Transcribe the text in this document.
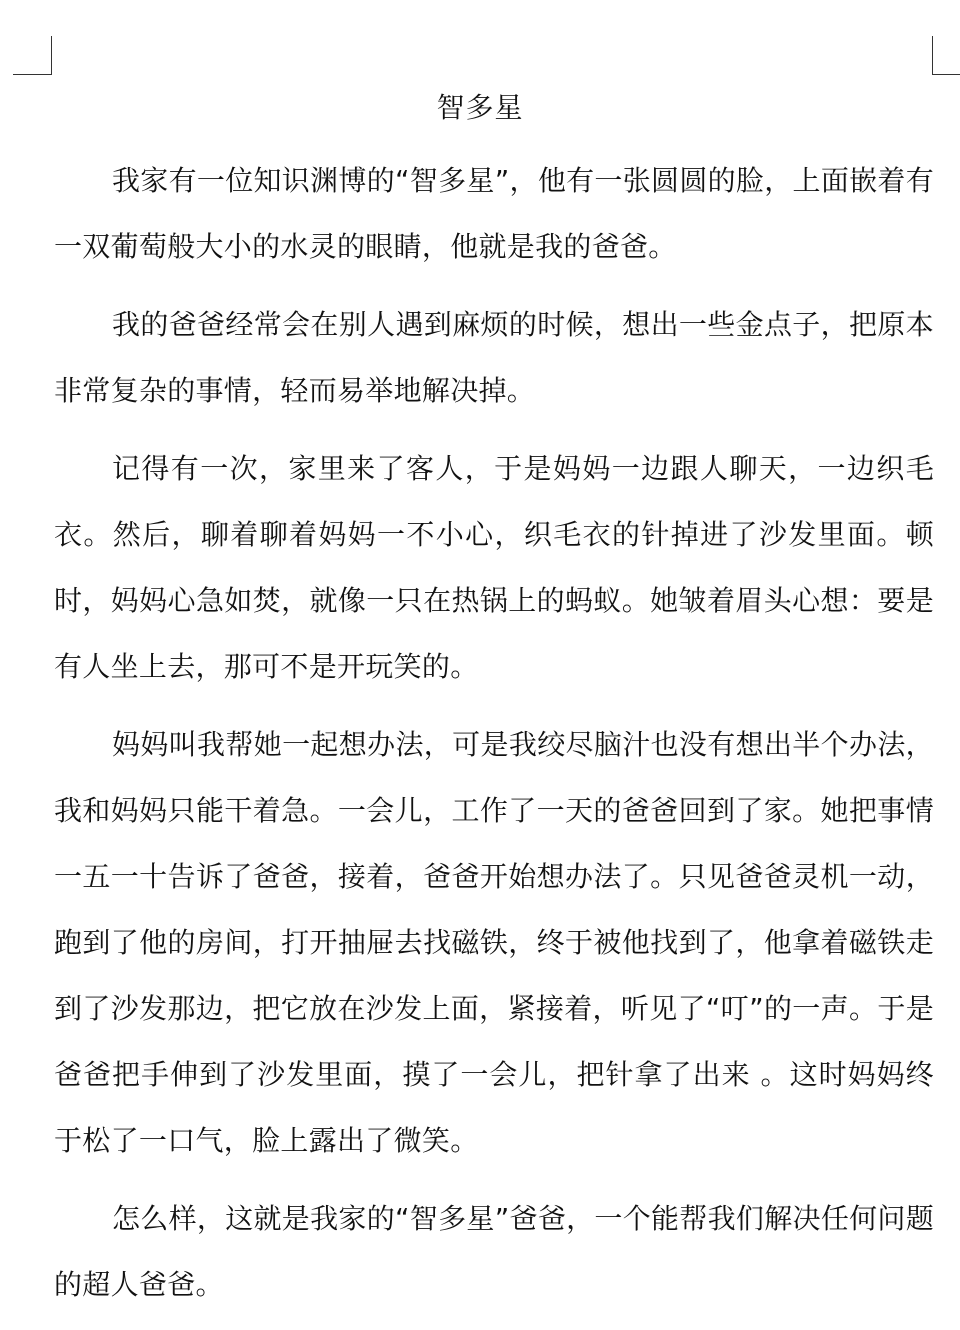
智多星

我家有一位知识渊博的“智多星”，他有一张圆圆的脸，上面嵌着有一双葡萄般大小的水灵的眼睛，他就是我的爸爸。

我的爸爸经常会在别人遇到麻烦的时候，想出一些金点子，把原本非常复杂的事情，轻而易举地解决掉。

记得有一次，家里来了客人，于是妈妈一边跟人聊天，一边织毛衣。然后，聊着聊着妈妈一不小心，织毛衣的针掉进了沙发里面。顿时，妈妈心急如焚，就像一只在热锅上的蚂蚁。她皱着眉头心想：要是有人坐上去，那可不是开玩笑的。

妈妈叫我帮她一起想办法，可是我绞尽脑汁也没有想出半个办法，我和妈妈只能干着急。一会儿，工作了一天的爸爸回到了家。她把事情一五一十告诉了爸爸，接着，爸爸开始想办法了。只见爸爸灵机一动，跑到了他的房间，打开抽屉去找磁铁，终于被他找到了，他拿着磁铁走到了沙发那边，把它放在沙发上面，紧接着，听见了“叮”的一声。于是爸爸把手伸到了沙发里面，摸了一会儿，把针拿了出来 。这时妈妈终于松了一口气，脸上露出了微笑。

怎么样，这就是我家的“智多星”爸爸，一个能帮我们解决任何问题的超人爸爸。
